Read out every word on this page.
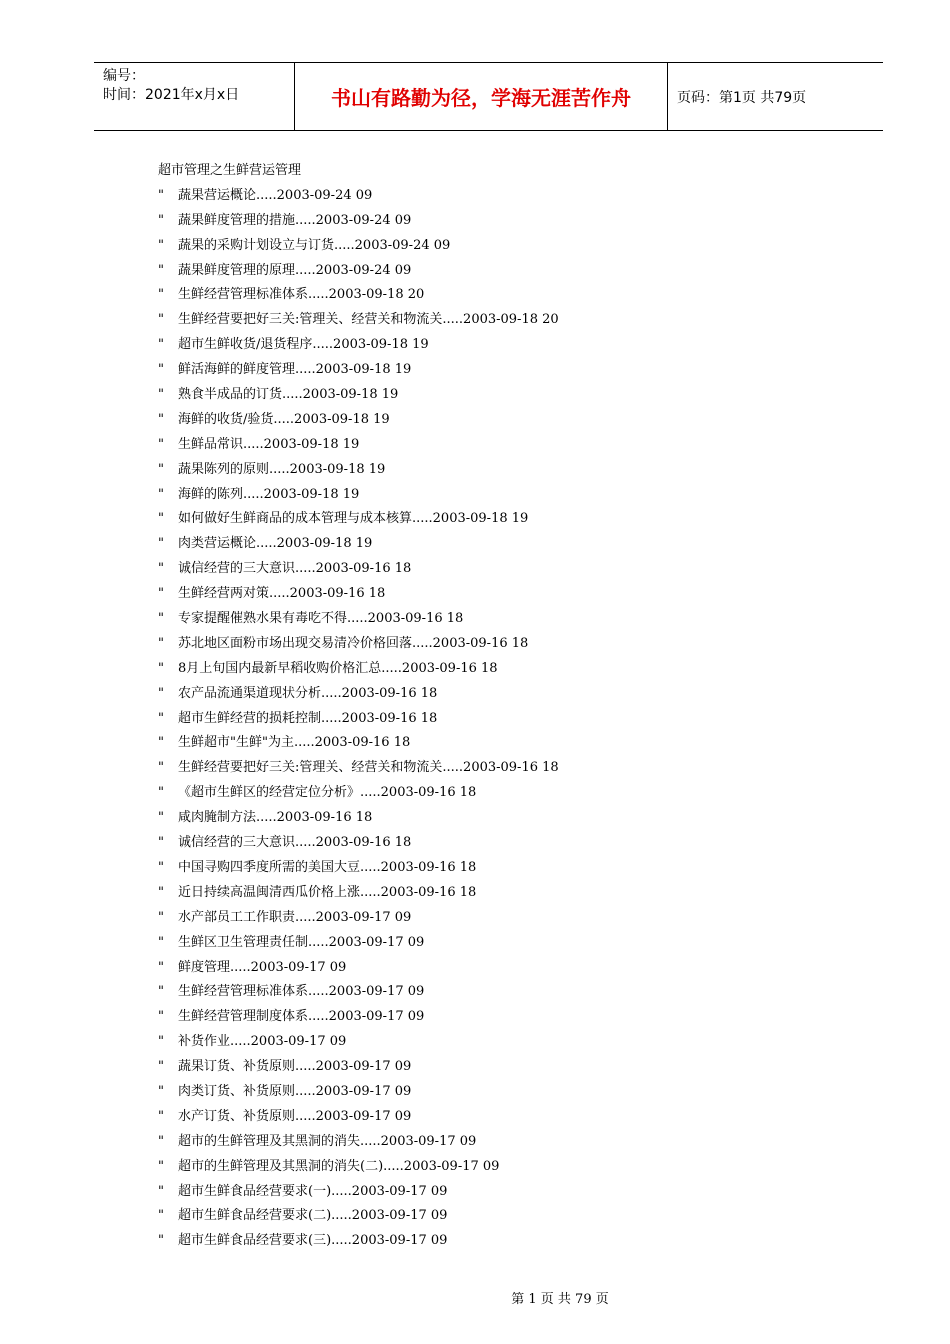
编号：
时间：2021年x月x日	书山有路勤为径，学海无涯苦作舟	页码：第1页 共79页
超市管理之生鲜营运管理
"	蔬果营运概论.....2003-09-24 09
"	蔬果鲜度管理的措施.....2003-09-24 09
"	蔬果的采购计划设立与订货.....2003-09-24 09
"	蔬果鲜度管理的原理.....2003-09-24 09
"	生鲜经营管理标准体系.....2003-09-18 20
"	生鲜经营要把好三关:管理关、经营关和物流关.....2003-09-18 20
"	超市生鲜收货/退货程序.....2003-09-18 19
"	鲜活海鲜的鲜度管理.....2003-09-18 19
"	熟食半成品的订货.....2003-09-18 19
"	海鲜的收货/验货.....2003-09-18 19
"	生鲜品常识.....2003-09-18 19
"	蔬果陈列的原则.....2003-09-18 19
"	海鲜的陈列.....2003-09-18 19
"	如何做好生鲜商品的成本管理与成本核算.....2003-09-18 19
"	肉类营运概论.....2003-09-18 19
"	诚信经营的三大意识.....2003-09-16 18
"	生鲜经营两对策.....2003-09-16 18
"	专家提醒催熟水果有毒吃不得.....2003-09-16 18
"	苏北地区面粉市场出现交易清冷价格回落.....2003-09-16 18
"	8月上旬国内最新早稻收购价格汇总.....2003-09-16 18
"	农产品流通渠道现状分析.....2003-09-16 18
"	超市生鲜经营的损耗控制.....2003-09-16 18
"	生鲜超市"生鲜"为主.....2003-09-16 18
"	生鲜经营要把好三关:管理关、经营关和物流关.....2003-09-16 18
"	《超市生鲜区的经营定位分析》.....2003-09-16 18
"	咸肉腌制方法.....2003-09-16 18
"	诚信经营的三大意识.....2003-09-16 18
"	中国寻购四季度所需的美国大豆.....2003-09-16 18
"	近日持续高温闽清西瓜价格上涨.....2003-09-16 18
"	水产部员工工作职责.....2003-09-17 09
"	生鲜区卫生管理责任制.....2003-09-17 09
"	鲜度管理.....2003-09-17 09
"	生鲜经营管理标准体系.....2003-09-17 09
"	生鲜经营管理制度体系.....2003-09-17 09
"	补货作业.....2003-09-17 09
"	蔬果订货、补货原则.....2003-09-17 09
"	肉类订货、补货原则.....2003-09-17 09
"	水产订货、补货原则.....2003-09-17 09
"	超市的生鲜管理及其黑洞的消失.....2003-09-17 09
"	超市的生鲜管理及其黑洞的消失(二).....2003-09-17 09
"	超市生鲜食品经营要求(一).....2003-09-17 09
"	超市生鲜食品经营要求(二).....2003-09-17 09
"	超市生鲜食品经营要求(三).....2003-09-17 09
第 1 页 共 79 页
